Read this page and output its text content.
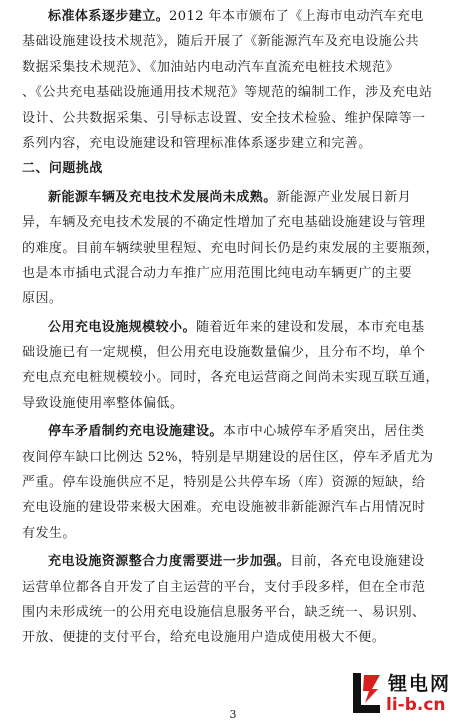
标准体系逐步建立。2012 年本市颁布了《上海市电动汽车充电
基础设施建设技术规范》，随后开展了《新能源汽车及充电设施公共
数据采集技术规范》、《加油站内电动汽车直流充电桩技术规范》
、《公共充电基础设施通用技术规范》等规范的编制工作，涉及充电站
设计、公共数据采集、引导标志设置、安全技术检验、维护保障等一
系列内容，充电设施建设和管理标准体系逐步建立和完善。
二、问题挑战
新能源车辆及充电技术发展尚未成熟。新能源产业发展日新月
异，车辆及充电技术发展的不确定性增加了充电基础设施建设与管理
的难度。目前车辆续驶里程短、充电时间长仍是约束发展的主要瓶颈，
也是本市插电式混合动力车推广应用范围比纯电动车辆更广的主要
原因。
公用充电设施规模较小。随着近年来的建设和发展，本市充电基
础设施已有一定规模，但公用充电设施数量偏少，且分布不均，单个
充电点充电桩规模较小。同时，各充电运营商之间尚未实现互联互通，
导致设施使用率整体偏低。
停车矛盾制约充电设施建设。本市中心城停车矛盾突出，居住类
夜间停车缺口比例达 52%，特别是早期建设的居住区，停车矛盾尤为
严重。停车设施供应不足，特别是公共停车场（库）资源的短缺，给
充电设施的建设带来极大困难。充电设施被非新能源汽车占用情况时
有发生。
充电设施资源整合力度需要进一步加强。目前，各充电设施建设
运营单位都各自开发了自主运营的平台，支付手段多样，但在全市范
围内未形成统一的公用充电设施信息服务平台，缺乏统一、易识别、
开放、便捷的支付平台，给充电设施用户造成使用极大不便。
3
锂电网
li-b.cn
